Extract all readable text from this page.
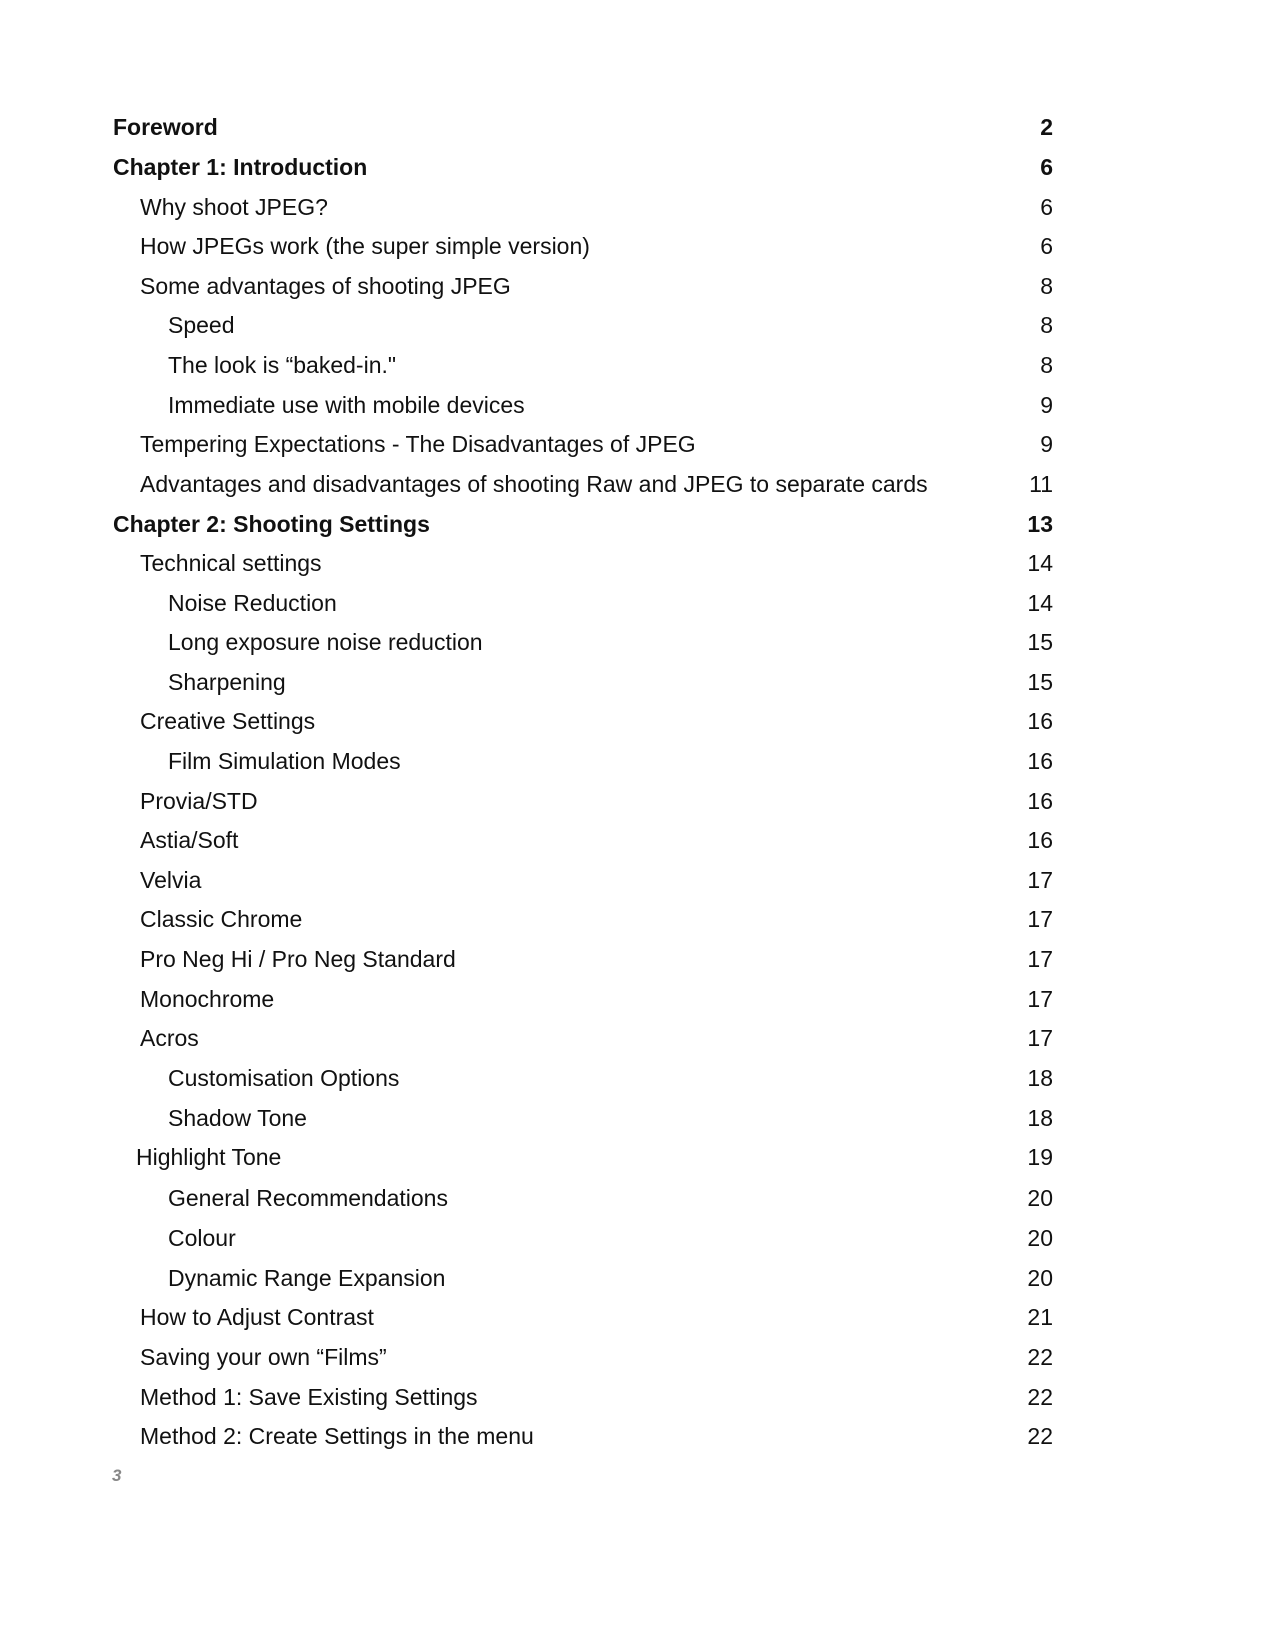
Foreword	2
Chapter 1: Introduction	6
Why shoot JPEG?	6
How JPEGs work (the super simple version)	6
Some advantages of shooting JPEG	8
Speed	8
The look is “baked-in."	8
Immediate use with mobile devices	9
Tempering Expectations - The Disadvantages of JPEG	9
Advantages and disadvantages of shooting Raw and JPEG to separate cards	11
Chapter 2: Shooting Settings	13
Technical settings	14
Noise Reduction	14
Long exposure noise reduction	15
Sharpening	15
Creative Settings	16
Film Simulation Modes	16
Provia/STD	16
Astia/Soft	16
Velvia	17
Classic Chrome	17
Pro Neg Hi / Pro Neg Standard	17
Monochrome	17
Acros	17
Customisation Options	18
Shadow Tone	18
Highlight Tone	19
General Recommendations	20
Colour	20
Dynamic Range Expansion	20
How to Adjust Contrast	21
Saving your own “Films”	22
Method 1: Save Existing Settings	22
Method 2: Create Settings in the menu	22
3
